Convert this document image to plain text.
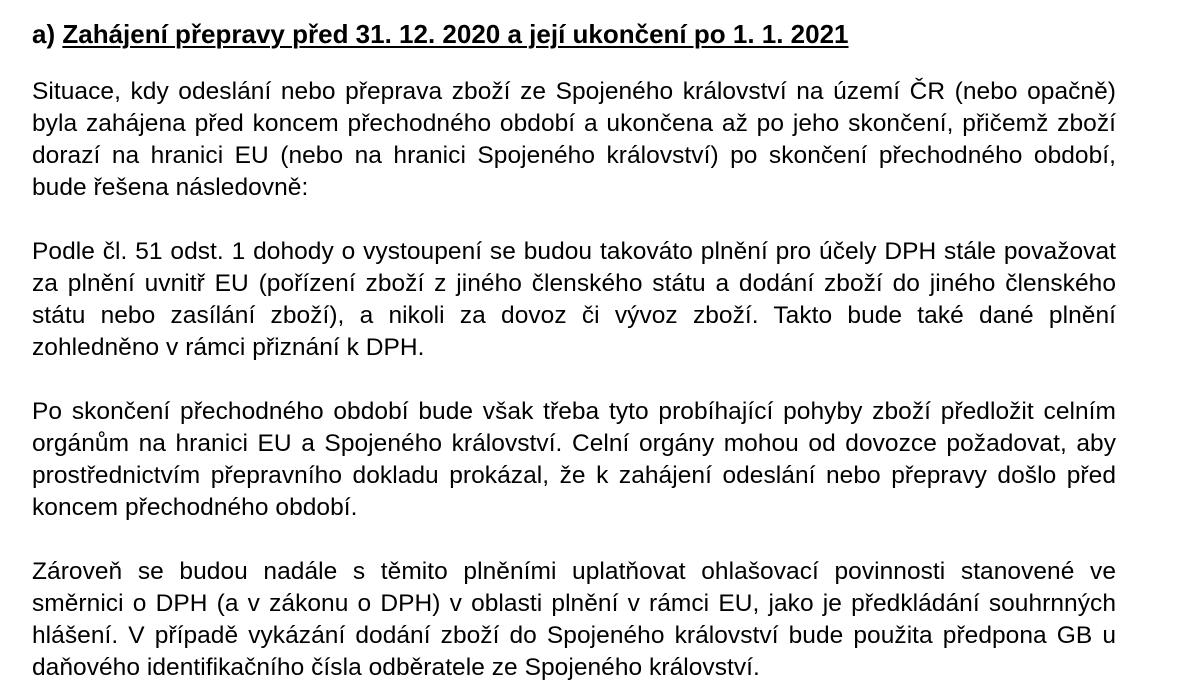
a) Zahájení přepravy před 31. 12. 2020 a její ukončení po 1. 1. 2021

Situace, kdy odeslání nebo přeprava zboží ze Spojeného království na území ČR (nebo opačně) byla zahájena před koncem přechodného období a ukončena až po jeho skončení, přičemž zboží dorazí na hranici EU (nebo na hranici Spojeného království) po skončení přechodného období, bude řešena následovně:

Podle čl. 51 odst. 1 dohody o vystoupení se budou takováto plnění pro účely DPH stále považovat za plnění uvnitř EU (pořízení zboží z jiného členského státu a dodání zboží do jiného členského státu nebo zasílání zboží), a nikoli za dovoz či vývoz zboží. Takto bude také dané plnění zohledněno v rámci přiznání k DPH.

Po skončení přechodného období bude však třeba tyto probíhající pohyby zboží předložit celním orgánům na hranici EU a Spojeného království. Celní orgány mohou od dovozce požadovat, aby prostřednictvím přepravního dokladu prokázal, že k zahájení odeslání nebo přepravy došlo před koncem přechodného období.

Zároveň se budou nadále s těmito plněními uplatňovat ohlašovací povinnosti stanovené ve směrnici o DPH (a v zákonu o DPH) v oblasti plnění v rámci EU, jako je předkládání souhrnných hlášení. V případě vykázání dodání zboží do Spojeného království bude použita předpona GB u daňového identifikačního čísla odběratele ze Spojeného království.
